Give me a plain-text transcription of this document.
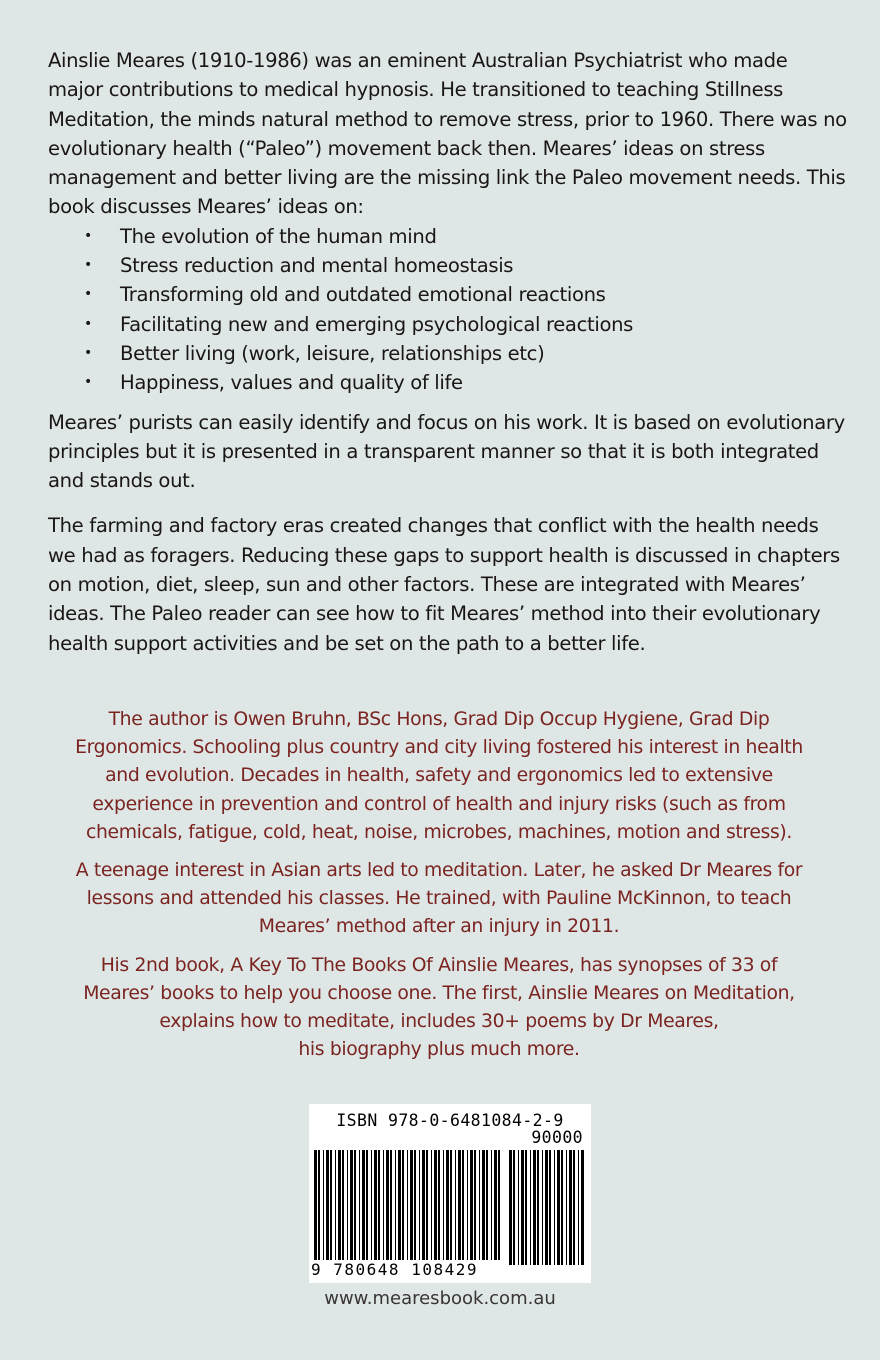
Ainslie Meares (1910-1986) was an eminent Australian Psychiatrist who made major contributions to medical hypnosis. He transitioned to teaching Stillness Meditation, the minds natural method to remove stress, prior to 1960. There was no evolutionary health (“Paleo”) movement back then. Meares’ ideas on stress management and better living are the missing link the Paleo movement needs. This book discusses Meares’ ideas on:

• The evolution of the human mind
• Stress reduction and mental homeostasis
• Transforming old and outdated emotional reactions
• Facilitating new and emerging psychological reactions
• Better living (work, leisure, relationships etc)
• Happiness, values and quality of life

Meares’ purists can easily identify and focus on his work. It is based on evolutionary principles but it is presented in a transparent manner so that it is both integrated and stands out.

The farming and factory eras created changes that conflict with the health needs we had as foragers. Reducing these gaps to support health is discussed in chapters on motion, diet, sleep, sun and other factors. These are integrated with Meares’ ideas. The Paleo reader can see how to fit Meares’ method into their evolutionary health support activities and be set on the path to a better life.

The author is Owen Bruhn, BSc Hons, Grad Dip Occup Hygiene, Grad Dip Ergonomics. Schooling plus country and city living fostered his interest in health and evolution. Decades in health, safety and ergonomics led to extensive experience in prevention and control of health and injury risks (such as from chemicals, fatigue, cold, heat, noise, microbes, machines, motion and stress).

A teenage interest in Asian arts led to meditation. Later, he asked Dr Meares for lessons and attended his classes. He trained, with Pauline McKinnon, to teach Meares’ method after an injury in 2011.

His 2nd book, A Key To The Books Of Ainslie Meares, has synopses of 33 of Meares’ books to help you choose one. The first, Ainslie Meares on Meditation, explains how to meditate, includes 30+ poems by Dr Meares,
his biography plus much more.

ISBN 978-0-6481084-2-9
90000
9 780648 108429
www.mearesbook.com.au
